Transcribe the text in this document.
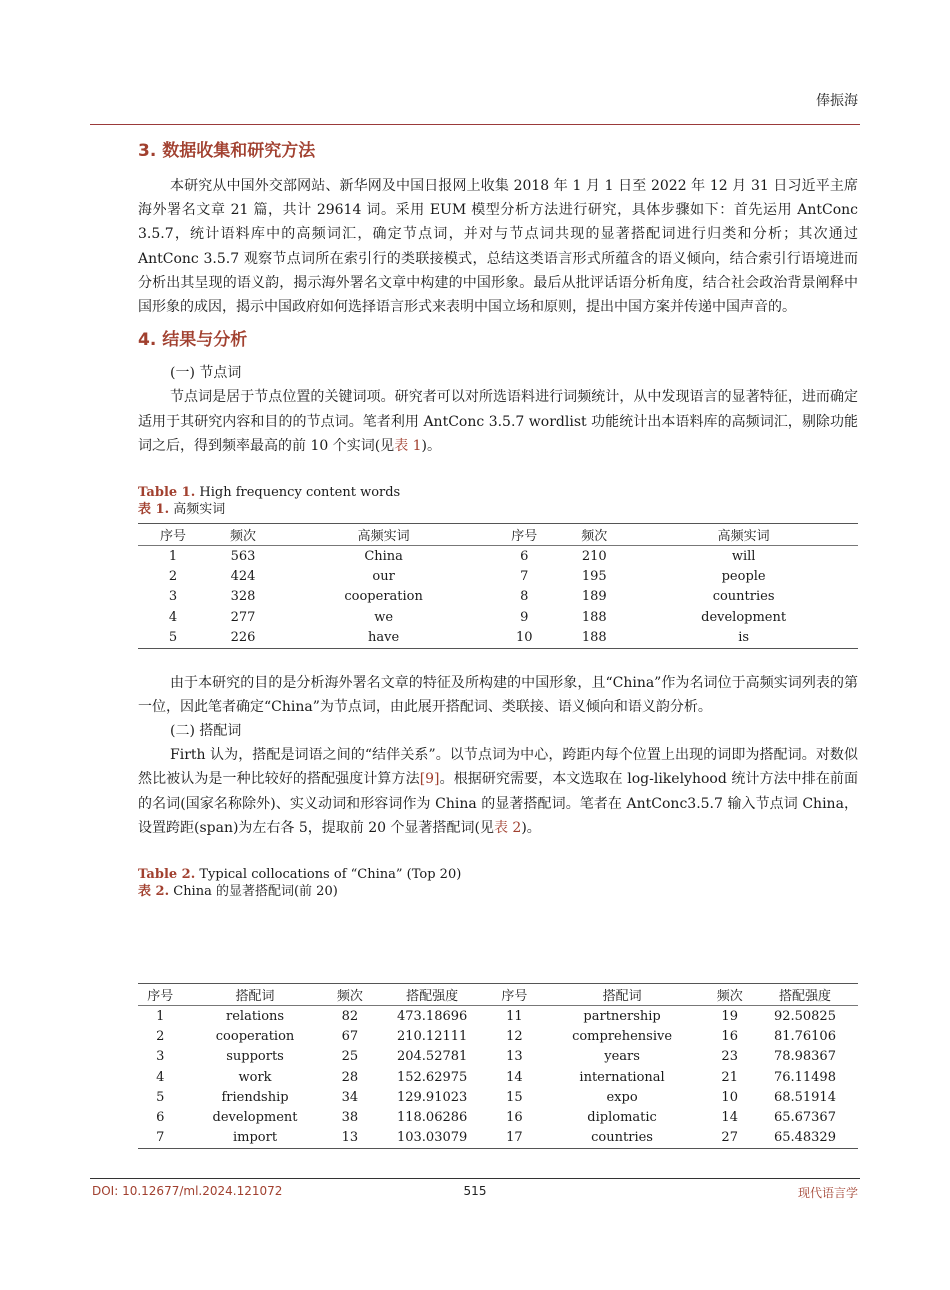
俸振海
3. 数据收集和研究方法

本研究从中国外交部网站、新华网及中国日报网上收集 2018 年 1 月 1 日至 2022 年 12 月 31 日习近平主席海外署名文章 21 篇，共计 29614 词。采用 EUM 模型分析方法进行研究，具体步骤如下：首先运用 AntConc 3.5.7，统计语料库中的高频词汇，确定节点词，并对与节点词共现的显著搭配词进行归类和分析；其次通过 AntConc 3.5.7 观察节点词所在索引行的类联接模式，总结这类语言形式所蕴含的语义倾向，结合索引行语境进而分析出其呈现的语义韵，揭示海外署名文章中构建的中国形象。最后从批评话语分析角度，结合社会政治背景阐释中国形象的成因，揭示中国政府如何选择语言形式来表明中国立场和原则，提出中国方案并传递中国声音的。

4. 结果与分析

(一) 节点词

节点词是居于节点位置的关键词项。研究者可以对所选语料进行词频统计，从中发现语言的显著特征，进而确定适用于其研究内容和目的的节点词。笔者利用 AntConc 3.5.7 wordlist 功能统计出本语料库的高频词汇，剔除功能词之后，得到频率最高的前 10 个实词(见表 1)。

Table 1. High frequency content words

表 1. 高频实词

序号	频次	高频实词	序号	频次	高频实词
1	563	China	6	210	will
2	424	our	7	195	people
3	328	cooperation	8	189	countries
4	277	we	9	188	development
5	226	have	10	188	is

由于本研究的目的是分析海外署名文章的特征及所构建的中国形象，且“China”作为名词位于高频实词列表的第一位，因此笔者确定“China”为节点词，由此展开搭配词、类联接、语义倾向和语义韵分析。

(二) 搭配词

Firth 认为，搭配是词语之间的“结伴关系”。以节点词为中心，跨距内每个位置上出现的词即为搭配词。对数似然比被认为是一种比较好的搭配强度计算方法[9]。根据研究需要，本文选取在 log-likelyhood 统计方法中排在前面的名词(国家名称除外)、实义动词和形容词作为 China 的显著搭配词。笔者在 AntConc3.5.7 输入节点词 China，设置跨距(span)为左右各 5，提取前 20 个显著搭配词(见表 2)。

Table 2. Typical collocations of “China” (Top 20)

表 2. China 的显著搭配词(前 20)

序号	搭配词	频次	搭配强度	序号	搭配词	频次	搭配强度
1	relations	82	473.18696	11	partnership	19	92.50825
2	cooperation	67	210.12111	12	comprehensive	16	81.76106
3	supports	25	204.52781	13	years	23	78.98367
4	work	28	152.62975	14	international	21	76.11498
5	friendship	34	129.91023	15	expo	10	68.51914
6	development	38	118.06286	16	diplomatic	14	65.67367
7	import	13	103.03079	17	countries	27	65.48329
DOI: 10.12677/ml.2024.121072	515	现代语言学
